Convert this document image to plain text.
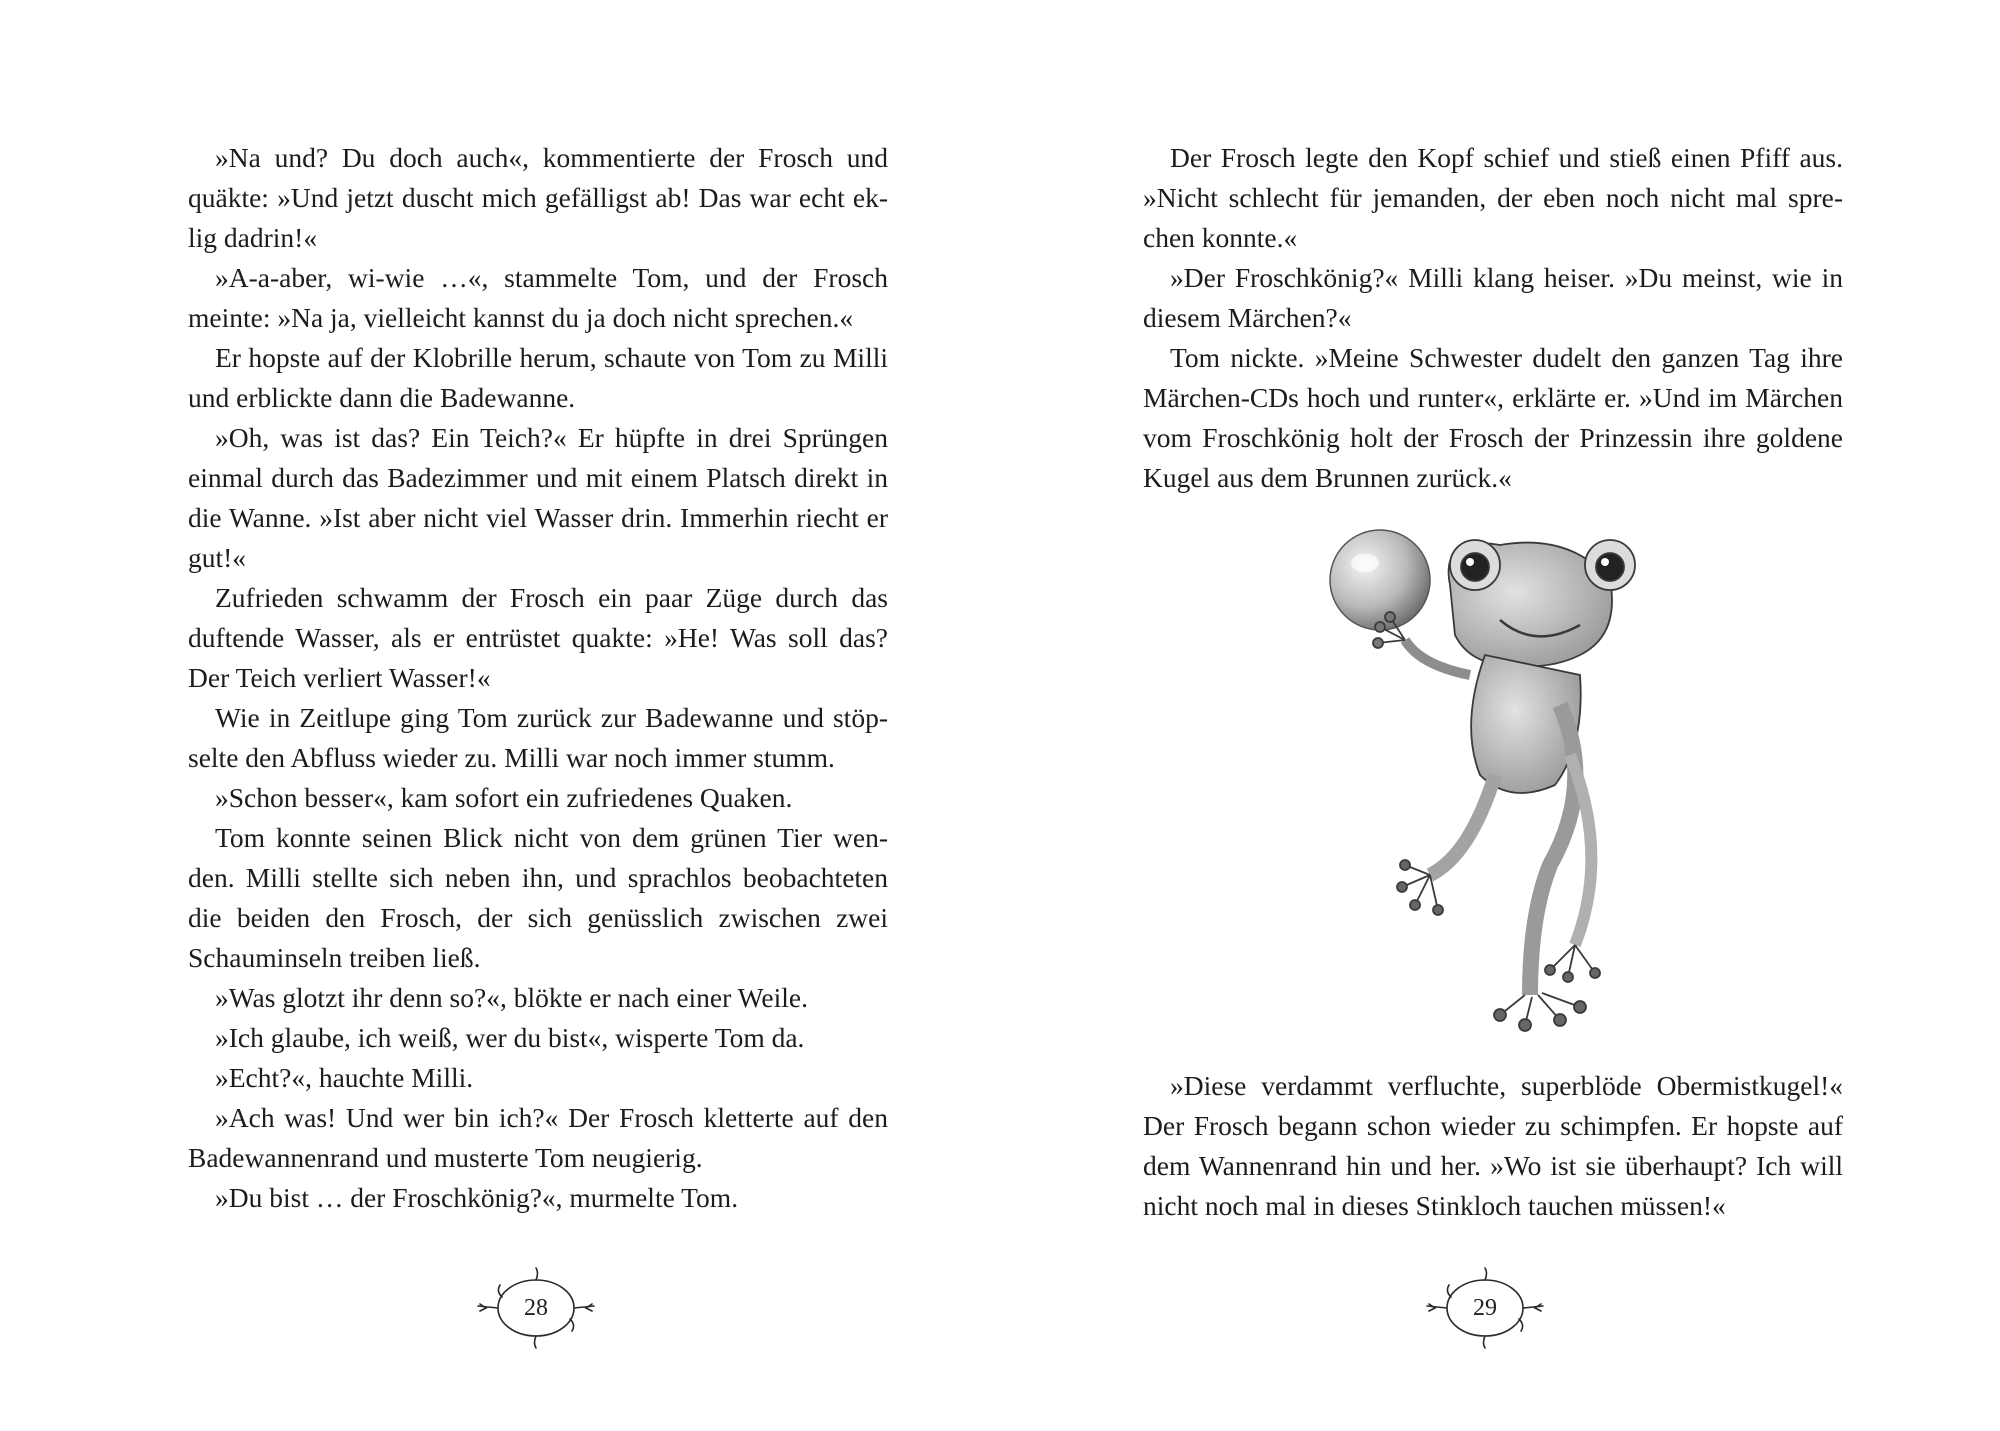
»Na und? Du doch auch«, kommentierte der Frosch und quäkte: »Und jetzt duscht mich gefälligst ab! Das war echt eklig dadrin!«

»A-a-aber, wi-wie …«, stammelte Tom, und der Frosch meinte: »Na ja, vielleicht kannst du ja doch nicht sprechen.«

Er hopste auf der Klobrille herum, schaute von Tom zu Milli und erblickte dann die Badewanne.

»Oh, was ist das? Ein Teich?« Er hüpfte in drei Sprüngen einmal durch das Badezimmer und mit einem Platsch direkt in die Wanne. »Ist aber nicht viel Wasser drin. Immerhin riecht er gut!«

Zufrieden schwamm der Frosch ein paar Züge durch das duftende Wasser, als er entrüstet quakte: »He! Was soll das? Der Teich verliert Wasser!«

Wie in Zeitlupe ging Tom zurück zur Badewanne und stöpselte den Abfluss wieder zu. Milli war noch immer stumm.

»Schon besser«, kam sofort ein zufriedenes Quaken.

Tom konnte seinen Blick nicht von dem grünen Tier wenden. Milli stellte sich neben ihn, und sprachlos beobachteten die beiden den Frosch, der sich genüsslich zwischen zwei Schauminseln treiben ließ.

»Was glotzt ihr denn so?«, blökte er nach einer Weile.

»Ich glaube, ich weiß, wer du bist«, wisperte Tom da.

»Echt?«, hauchte Milli.

»Ach was! Und wer bin ich?« Der Frosch kletterte auf den Badewannenrand und musterte Tom neugierig.

»Du bist … der Froschkönig?«, murmelte Tom.

28

Der Frosch legte den Kopf schief und stieß einen Pfiff aus. »Nicht schlecht für jemanden, der eben noch nicht mal sprechen konnte.«

»Der Froschkönig?« Milli klang heiser. »Du meinst, wie in diesem Märchen?«

Tom nickte. »Meine Schwester dudelt den ganzen Tag ihre Märchen-CDs hoch und runter«, erklärte er. »Und im Märchen vom Froschkönig holt der Frosch der Prinzessin ihre goldene Kugel aus dem Brunnen zurück.«

»Diese verdammt verfluchte, superblöde Obermistkugel!« Der Frosch begann schon wieder zu schimpfen. Er hopste auf dem Wannenrand hin und her. »Wo ist sie überhaupt? Ich will nicht noch mal in dieses Stinkloch tauchen müssen!«

29
